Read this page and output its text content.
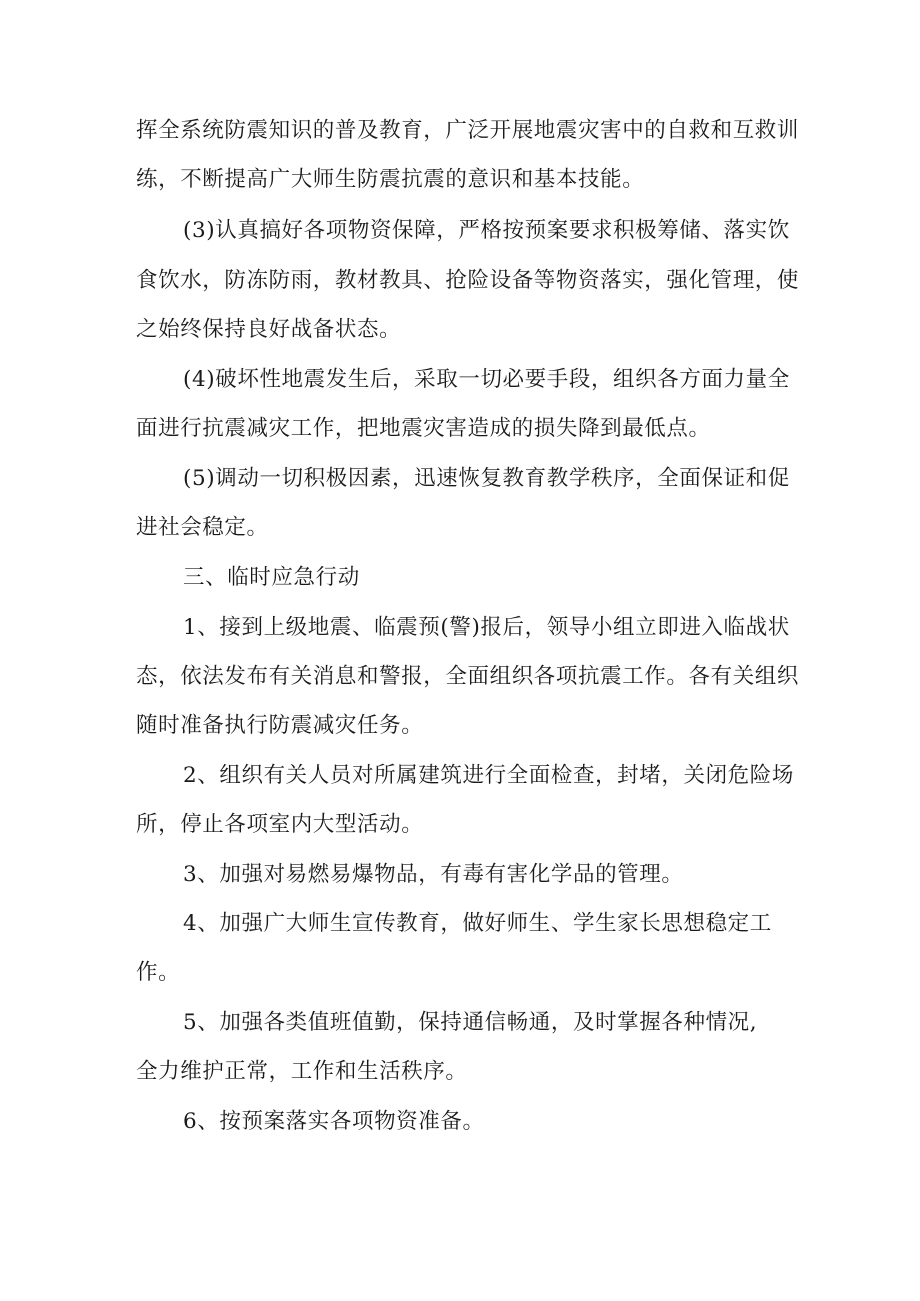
挥全系统防震知识的普及教育，广泛开展地震灾害中的自救和互救训
练，不断提高广大师生防震抗震的意识和基本技能。
(3)认真搞好各项物资保障，严格按预案要求积极筹储、落实饮
食饮水，防冻防雨，教材教具、抢险设备等物资落实，强化管理，使
之始终保持良好战备状态。
(4)破坏性地震发生后，采取一切必要手段，组织各方面力量全
面进行抗震减灾工作，把地震灾害造成的损失降到最低点。
(5)调动一切积极因素，迅速恢复教育教学秩序，全面保证和促
进社会稳定。
三、临时应急行动
1、接到上级地震、临震预(警)报后，领导小组立即进入临战状
态，依法发布有关消息和警报，全面组织各项抗震工作。各有关组织
随时准备执行防震减灾任务。
2、组织有关人员对所属建筑进行全面检查，封堵，关闭危险场
所，停止各项室内大型活动。
3、加强对易燃易爆物品，有毒有害化学品的管理。
4、加强广大师生宣传教育，做好师生、学生家长思想稳定工
作。
5、加强各类值班值勤，保持通信畅通，及时掌握各种情况,
全力维护正常，工作和生活秩序。
6、按预案落实各项物资准备。
